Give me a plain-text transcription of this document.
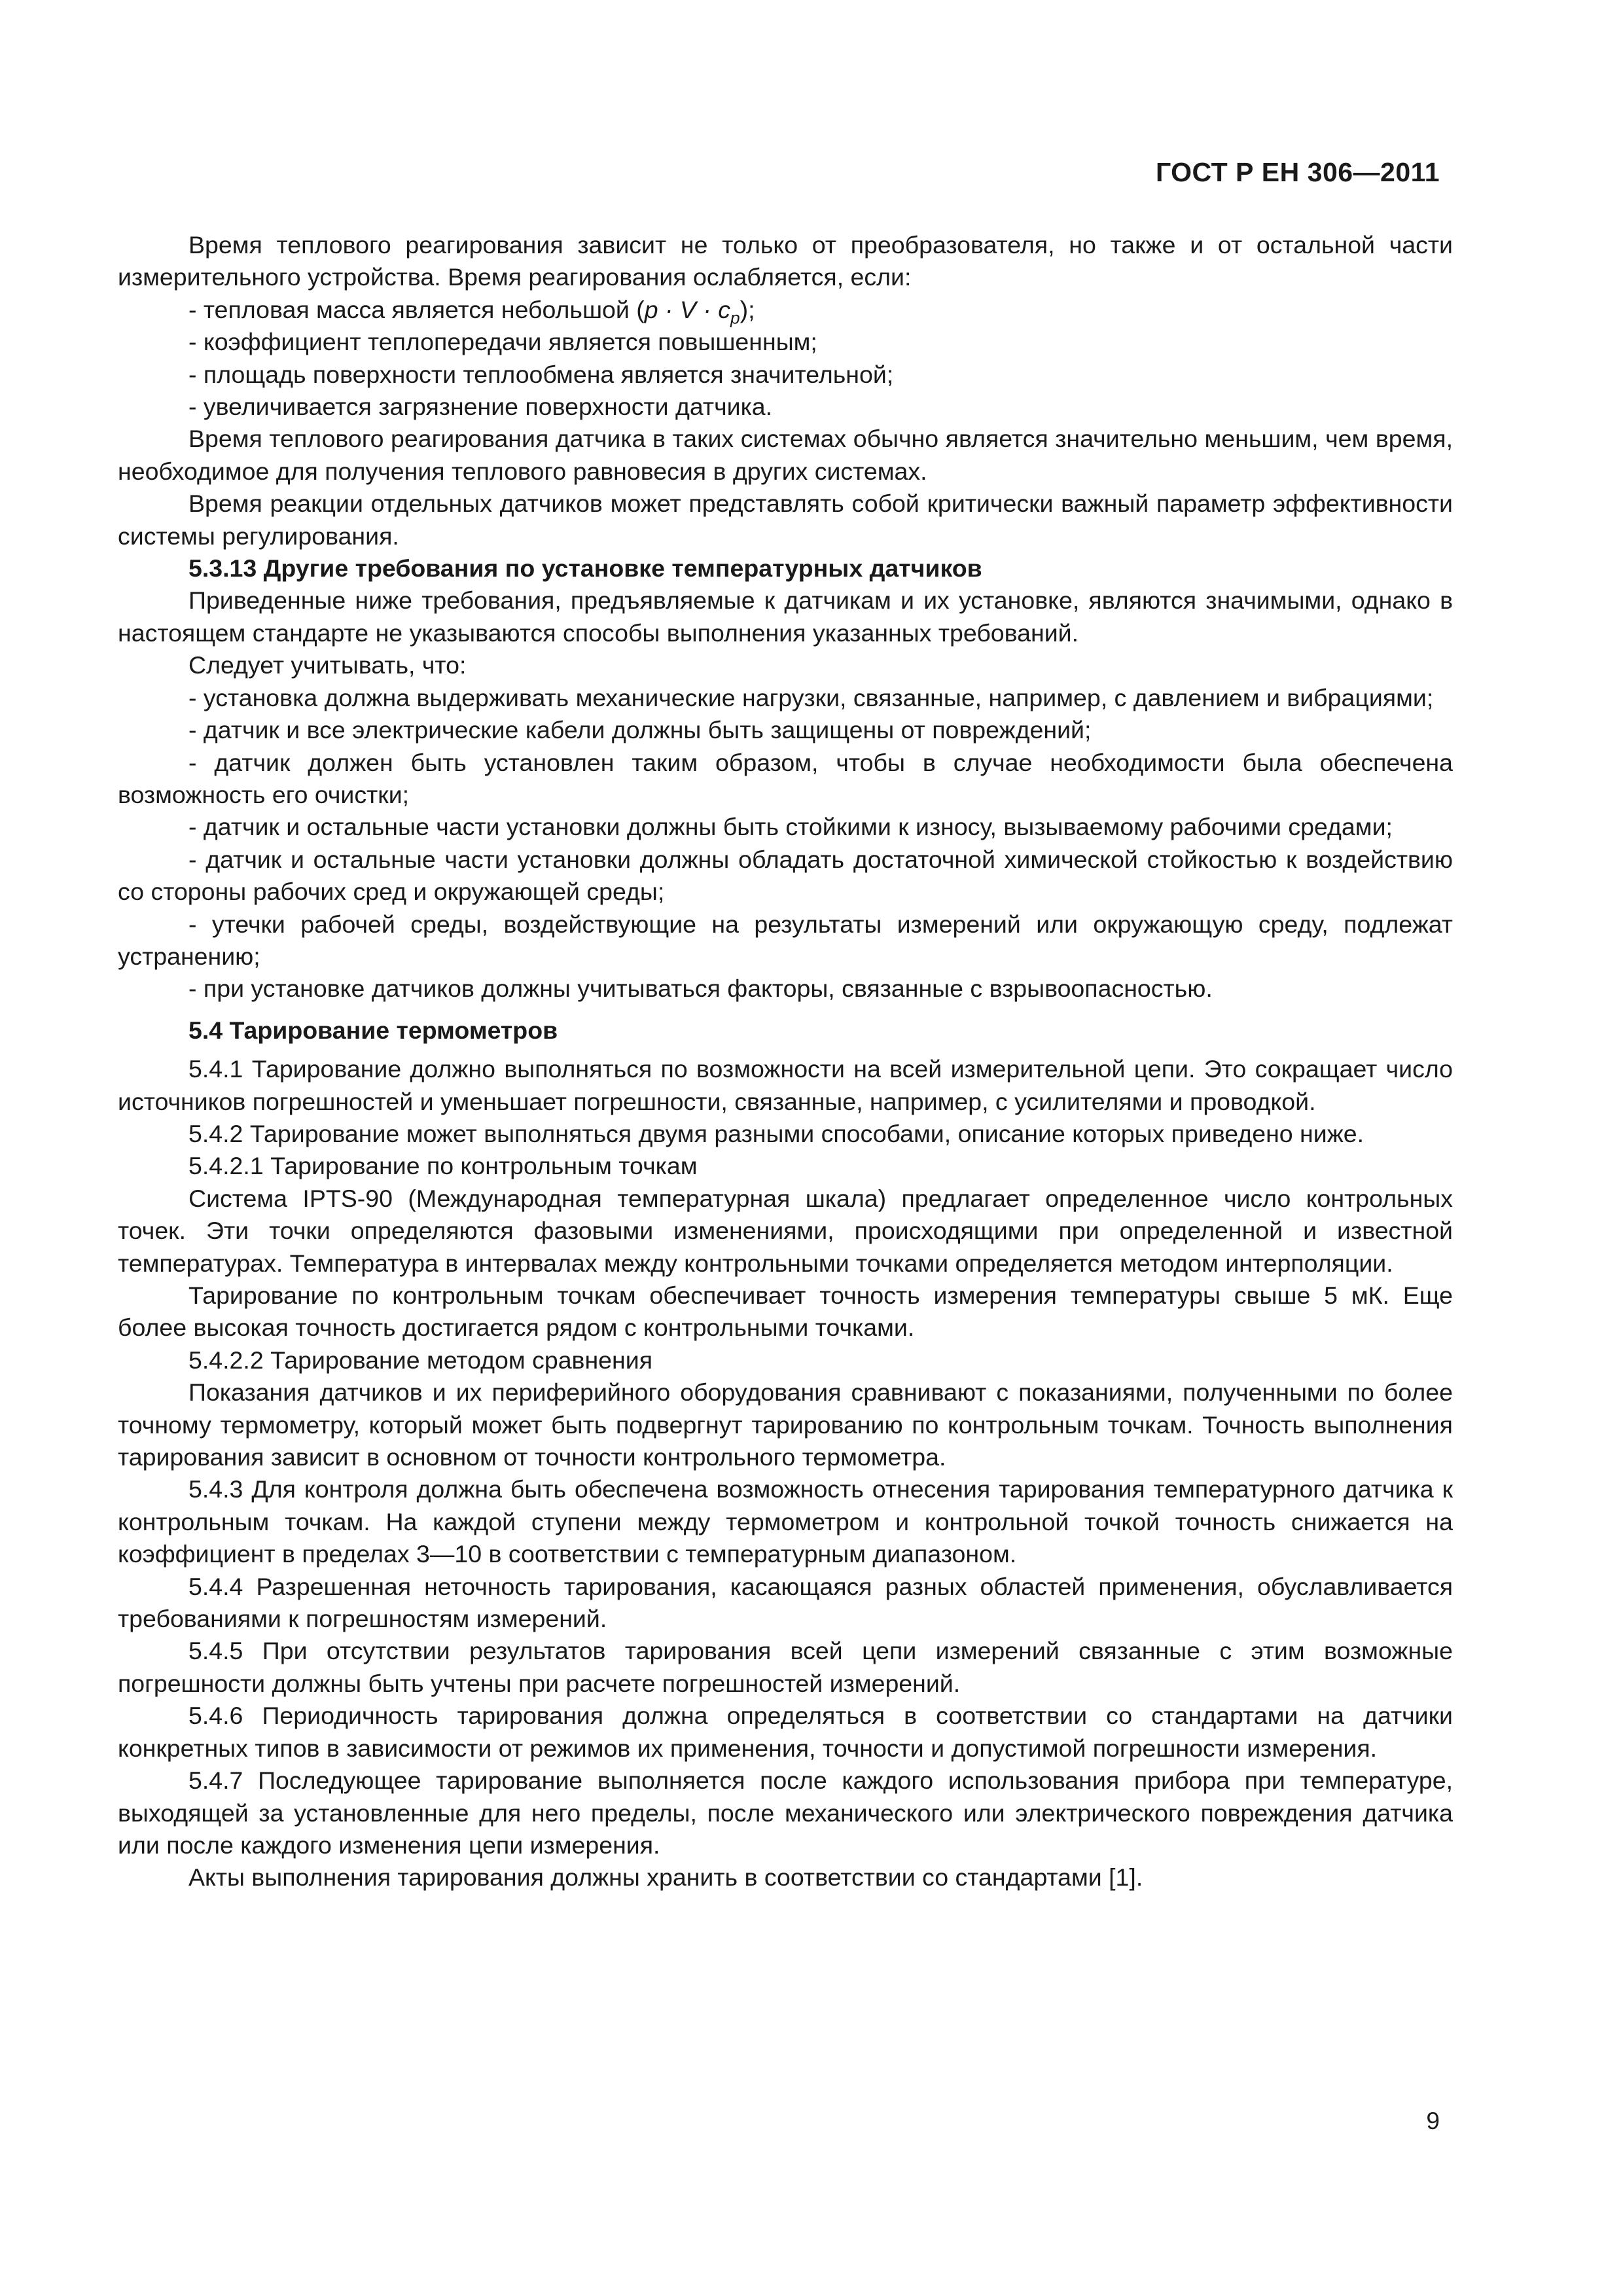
ГОСТ Р ЕН 306—2011

Время теплового реагирования зависит не только от преобразователя, но также и от остальной части измерительного устройства. Время реагирования ослабляется, если:

- тепловая масса является небольшой $(p \cdot V \cdot c_p)$;

- коэффициент теплопередачи является повышенным;

- площадь поверхности теплообмена является значительной;

- увеличивается загрязнение поверхности датчика.

Время теплового реагирования датчика в таких системах обычно является значительно меньшим, чем время, необходимое для получения теплового равновесия в других системах.

Время реакции отдельных датчиков может представлять собой критически важный параметр эффективности системы регулирования.

5.3.13 Другие требования по установке температурных датчиков

Приведенные ниже требования, предъявляемые к датчикам и их установке, являются значимыми, однако в настоящем стандарте не указываются способы выполнения указанных требований.

Следует учитывать, что:

- установка должна выдерживать механические нагрузки, связанные, например, с давлением и вибрациями;

- датчик и все электрические кабели должны быть защищены от повреждений;

- датчик должен быть установлен таким образом, чтобы в случае необходимости была обеспечена возможность его очистки;

- датчик и остальные части установки должны быть стойкими к износу, вызываемому рабочими средами;

- датчик и остальные части установки должны обладать достаточной химической стойкостью к воздействию со стороны рабочих сред и окружающей среды;

- утечки рабочей среды, воздействующие на результаты измерений или окружающую среду, подлежат устранению;

- при установке датчиков должны учитываться факторы, связанные с взрывоопасностью.

5.4 Тарирование термометров

5.4.1 Тарирование должно выполняться по возможности на всей измерительной цепи. Это сокращает число источников погрешностей и уменьшает погрешности, связанные, например, с усилителями и проводкой.

5.4.2 Тарирование может выполняться двумя разными способами, описание которых приведено ниже.

5.4.2.1 Тарирование по контрольным точкам

Система IPTS-90 (Международная температурная шкала) предлагает определенное число контрольных точек. Эти точки определяются фазовыми изменениями, происходящими при определенной и известной температурах. Температура в интервалах между контрольными точками определяется методом интерполяции.

Тарирование по контрольным точкам обеспечивает точность измерения температуры свыше 5 мК. Еще более высокая точность достигается рядом с контрольными точками.

5.4.2.2 Тарирование методом сравнения

Показания датчиков и их периферийного оборудования сравнивают с показаниями, полученными по более точному термометру, который может быть подвергнут тарированию по контрольным точкам. Точность выполнения тарирования зависит в основном от точности контрольного термометра.

5.4.3 Для контроля должна быть обеспечена возможность отнесения тарирования температурного датчика к контрольным точкам. На каждой ступени между термометром и контрольной точкой точность снижается на коэффициент в пределах 3—10 в соответствии с температурным диапазоном.

5.4.4 Разрешенная неточность тарирования, касающаяся разных областей применения, обуславливается требованиями к погрешностям измерений.

5.4.5 При отсутствии результатов тарирования всей цепи измерений связанные с этим возможные погрешности должны быть учтены при расчете погрешностей измерений.

5.4.6 Периодичность тарирования должна определяться в соответствии со стандартами на датчики конкретных типов в зависимости от режимов их применения, точности и допустимой погрешности измерения.

5.4.7 Последующее тарирование выполняется после каждого использования прибора при температуре, выходящей за установленные для него пределы, после механического или электрического повреждения датчика или после каждого изменения цепи измерения.

Акты выполнения тарирования должны хранить в соответствии со стандартами [1].

9
